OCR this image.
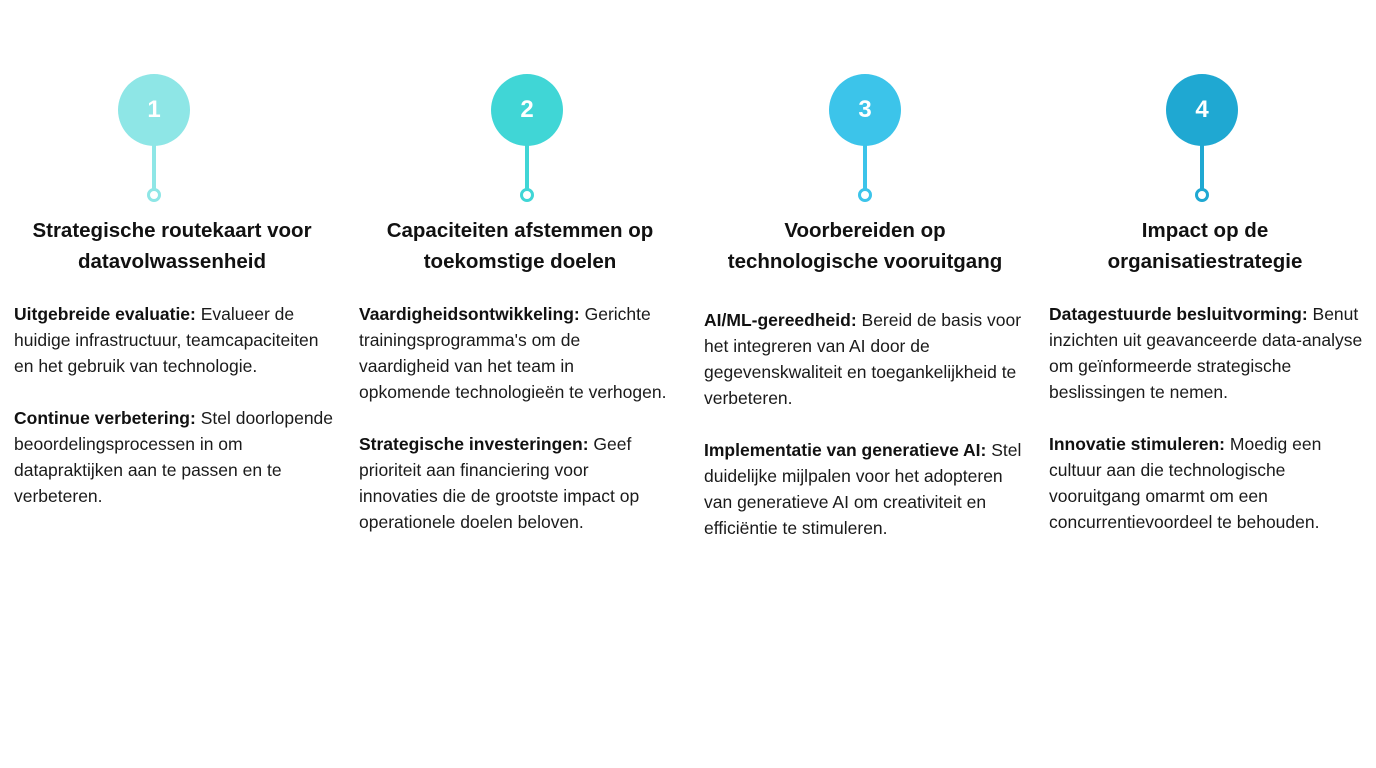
1
Strategische routekaart voor
datavolwassenheid

Uitgebreide evaluatie: Evalueer de huidige infrastructuur, teamcapaciteiten en het gebruik van technologie.

Continue verbetering: Stel doorlopende beoordelingsprocessen in om datapraktijken aan te passen en te verbeteren.

2
Capaciteiten afstemmen op
toekomstige doelen

Vaardigheidsontwikkeling: Gerichte trainingsprogramma's om de vaardigheid van het team in opkomende technologieën te verhogen.

Strategische investeringen: Geef prioriteit aan financiering voor innovaties die de grootste impact op operationele doelen beloven.

3
Voorbereiden op
technologische vooruitgang

AI/ML-gereedheid: Bereid de basis voor het integreren van AI door de gegevenskwaliteit en toegankelijkheid te verbeteren.

Implementatie van generatieve AI: Stel duidelijke mijlpalen voor het adopteren van generatieve AI om creativiteit en efficiëntie te stimuleren.

4
Impact op de
organisatiestrategie

Datagestuurde besluitvorming: Benut inzichten uit geavanceerde data-analyse om geïnformeerde strategische beslissingen te nemen.

Innovatie stimuleren: Moedig een cultuur aan die technologische vooruitgang omarmt om een concurrentievoordeel te behouden.
